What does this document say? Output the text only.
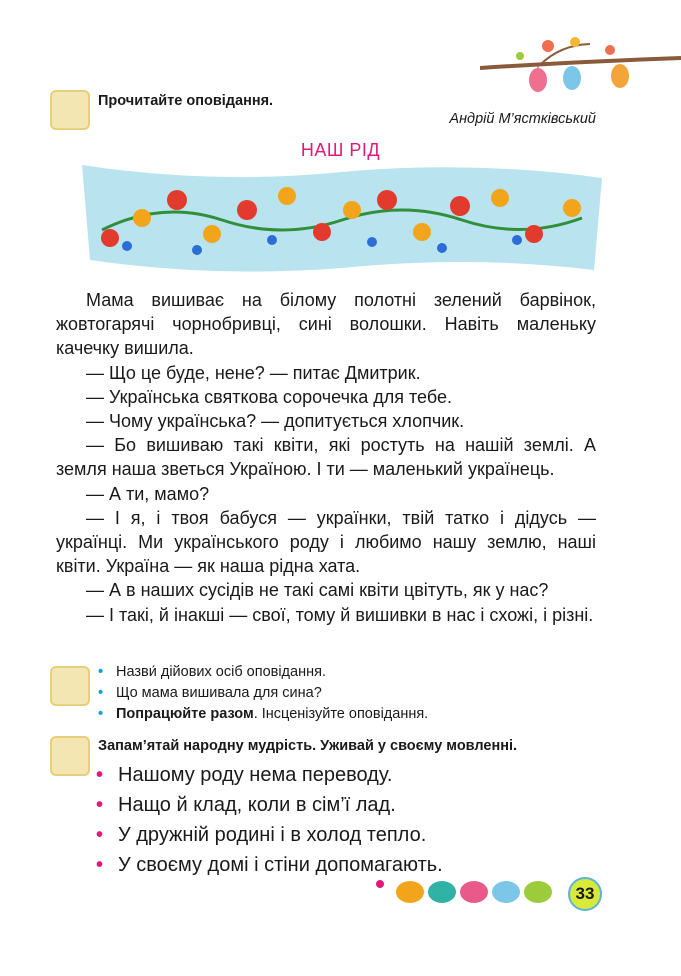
Прочитайте оповідання.
Андрій М’ястківський
НАШ РІД

Мама вишиває на білому полотні зелений барвінок, жовтогарячі чорнобривці, сині волошки. Навіть маленьку качечку вишила.

— Що це буде, нене? — питає Дмитрик.

— Українська святкова сорочечка для тебе.

— Чому українська? — допитується хлопчик.

— Бо вишиваю такі квіти, які ростуть на нашій землі. А земля наша зветься Україною. І ти — маленький українець.

— А ти, мамо?

— І я, і твоя бабуся — українки, твій татко і дідусь — українці. Ми українського роду і любимо нашу землю, наші квіти. Україна — як наша рідна хата.

— А в наших сусідів не такі самі квіти цвітуть, як у нас?

— І такі, й інакші — свої, тому й вишивки в нас і схожі, і різні.

• Назви́ дійових осіб оповідання.
• Що мама вишивала для сина?
• Попрацюйте разом. Інсценізуйте оповідання.
Запам’ятай народну мудрість. Уживай у своєму мовленні.
• Нашому роду нема переводу.
• Нащо й клад, коли в сім’ї лад.
• У дружній родині і в холод тепло.
• У своєму домі і стіни допомагають.
33
